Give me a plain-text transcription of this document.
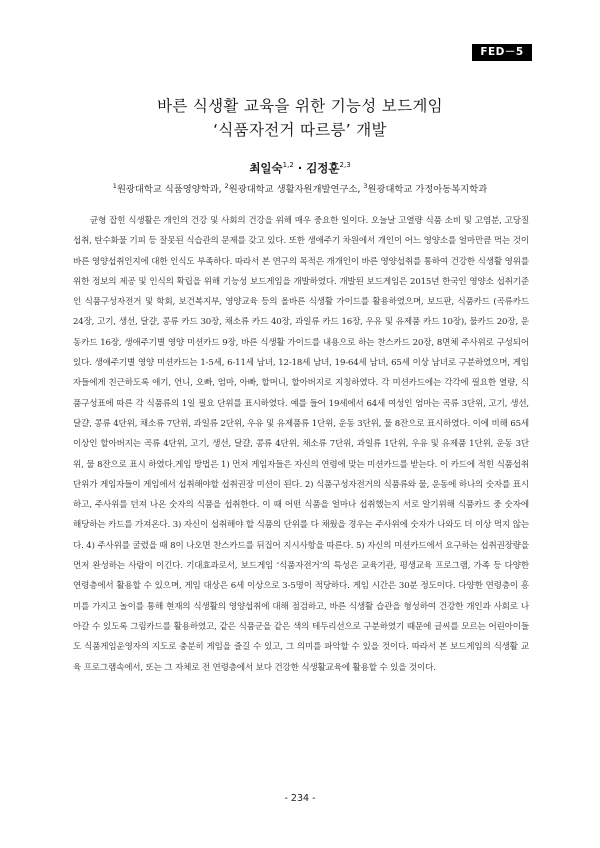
FED－5
바른 식생활 교육을 위한 기능성 보드게임
‘식품자전거 따르릉’ 개발
최일숙$^{1,2}$ · 김정훈$^{2,3}$
$^1$원광대학교 식품영양학과, $^2$원광대학교 생활자원개발연구소, $^3$원광대학교 가정아동복지학과

균형 잡힌 식생활은 개인의 건강 및 사회의 건강을 위해 매우 중요한 일이다. 오늘날 고열량 식품 소비 및 고염분, 고당질 섭취, 탄수화물 기피 등 잘못된 식습관의 문제를 갖고 있다. 또한 생애주기 차원에서 개인이 어느 영양소를 얼마만큼 먹는 것이 바른 영양섭취인지에 대한 인식도 부족하다. 따라서 본 연구의 목적은 개개인이 바른 영양섭취를 통하여 건강한 식생활 영위를 위한 정보의 제공 및 인식의 확립을 위해 기능성 보드게임을 개발하였다. 개발된 보드게임은 2015년 한국인 영양소 섭취기준인 식품구성자전거 및 학회, 보건복지부, 영양교육 등의 올바른 식생활 가이드를 활용하였으며, 보드판, 식품카드 (곡류카드 24장, 고기, 생선, 달걀, 콩류 카드 30장, 채소류 카드 40장, 과일류 카드 16장, 우유 및 유제품 카드 10장), 물카드 20장, 운동카드 16장, 생애주기별 영양 미션카드 9장, 바른 식생활 가이드를 내용으로 하는 찬스카드 20장, 8면체 주사위로 구성되어 있다. 생애주기별 영양 미션카드는 1-5세, 6-11세 남녀, 12-18세 남녀, 19-64세 남녀, 65세 이상 남녀로 구분하였으며, 게임자들에게 친근하도록 애기, 언니, 오빠, 엄마, 아빠, 할머니, 할아버지로 지칭하였다. 각 미션카드에는 각각에 필요한 열량, 식품구성표에 따른 각 식품류의 1일 필요 단위를 표시하였다. 예를 들어 19세에서 64세 여성인 엄마는 곡류 3단위, 고기, 생선, 달걀, 콩류 4단위, 채소류 7단위, 과일류 2단위, 우유 및 유제품류 1단위, 운동 3단위, 물 8잔으로 표시하였다. 이에 비해 65세 이상인 할아버지는 곡류 4단위, 고기, 생선, 달걀, 콩류 4단위, 채소류 7단위, 과일류 1단위, 우유 및 유제품 1단위, 운동 3단위, 물 8잔으로 표시 하였다.게임 방법은 1) 먼저 게임자들은 자신의 연령에 맞는 미션카드를 받는다. 이 카드에 적힌 식품섭취단위가 게임자들이 게임에서 섭취해야할 섭취권장 미션이 된다. 2) 식품구성자전거의 식품류와 물, 운동에 하나의 숫자를 표시하고, 주사위를 던져 나온 숫자의 식품을 섭취한다. 이 때 어떤 식품을 얼마나 섭취했는지 서로 알기위해 식품카드 중 숫자에 해당하는 카드를 가져온다. 3) 자신이 섭취해야 할 식품의 단위를 다 채웠을 경우는 주사위에 숫자가 나와도 더 이상 먹지 않는다. 4) 주사위를 굴렸을 때 8이 나오면 찬스카드를 뒤집어 지시사항을 따른다. 5) 자신의 미션카드에서 요구하는 섭취권장량을 먼저 완성하는 사람이 이긴다. 기대효과로서, 보드게임 ‘식품자전거’의 특성은 교육기관, 평생교육 프로그램, 가족 등 다양한 연령층에서 활용할 수 있으며, 게임 대상은 6세 이상으로 3-5명이 적당하다. 게임 시간은 30분 정도이다. 다양한 연령층이 흥미를 가지고 놀이를 통해 현재의 식생활의 영양섭취에 대해 점검하고, 바른 식생활 습관을 형성하여 건강한 개인과 사회로 나아갈 수 있도록 그림카드를 활용하였고, 같은 식품군을 같은 색의 테두리선으로 구분하였기 때문에 글씨를 모르는 어린아이들도 식품게임운영자의 지도로 충분히 게임을 즐길 수 있고, 그 의미를 파악할 수 있을 것이다. 따라서 본 보드게임의 식생활 교육 프로그램속에서, 또는 그 자체로 전 연령층에서 보다 건강한 식생활교육에 활용할 수 있을 것이다.

- 234 -
